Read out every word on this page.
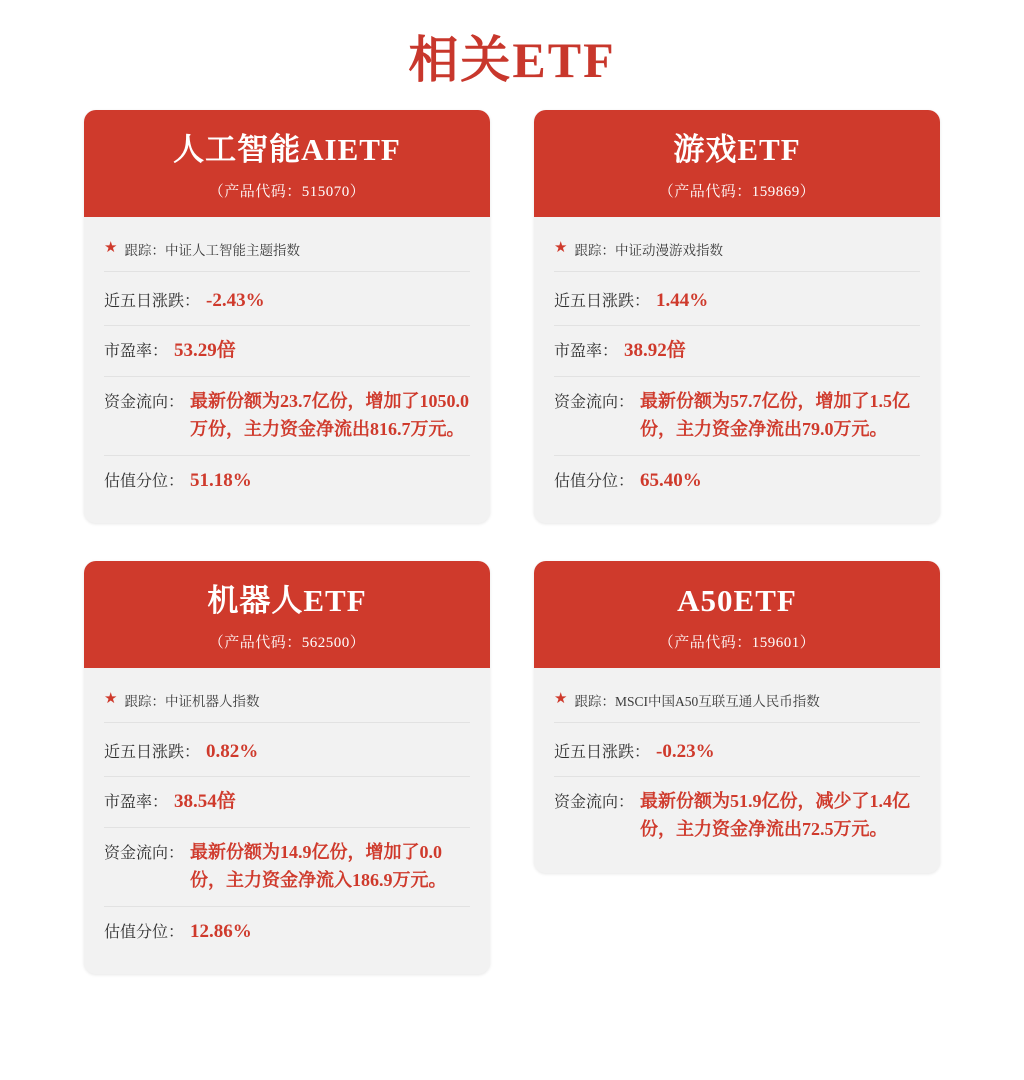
相关ETF
人工智能AIETF
（产品代码：515070）
★ 跟踪：中证人工智能主题指数
近五日涨跌： -2.43%
市盈率： 53.29倍
资金流向： 最新份额为23.7亿份，增加了1050.0万份，主力资金净流出816.7万元。
估值分位： 51.18%
游戏ETF
（产品代码：159869）
★ 跟踪：中证动漫游戏指数
近五日涨跌： 1.44%
市盈率： 38.92倍
资金流向： 最新份额为57.7亿份，增加了1.5亿份，主力资金净流出79.0万元。
估值分位： 65.40%
机器人ETF
（产品代码：562500）
★ 跟踪：中证机器人指数
近五日涨跌： 0.82%
市盈率： 38.54倍
资金流向： 最新份额为14.9亿份，增加了0.0份，主力资金净流入186.9万元。
估值分位： 12.86%
A50ETF
（产品代码：159601）
★ 跟踪：MSCI中国A50互联互通人民币指数
近五日涨跌： -0.23%
资金流向： 最新份额为51.9亿份，减少了1.4亿份，主力资金净流出72.5万元。
